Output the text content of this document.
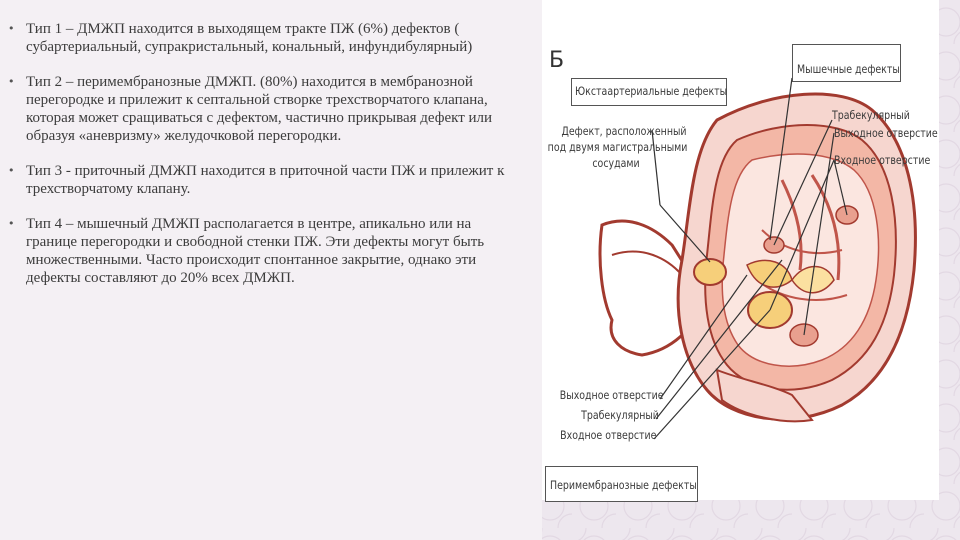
• Тип 1 – ДМЖП находится в выходящем тракте ПЖ (6%) дефектов ( субартериальный, супракристальный, кональный, инфундибулярный)
• Тип 2 – перимембранозные ДМЖП. (80%) находится в мембранозной перегородке и прилежит к септальной створке трехстворчатого клапана, которая может сращиваться с дефектом, частично прикрывая дефект или образуя «аневризму» желудочковой перегородки.
• Тип 3 - приточный ДМЖП находится в приточной части ПЖ и прилежит к трехстворчатому клапану.
• Тип 4 – мышечный ДМЖП располагается в центре, апикально или на границе перегородки и свободной стенки ПЖ. Эти дефекты могут быть множественными. Часто происходит спонтанное закрытие, однако эти дефекты составляют до 20% всех ДМЖП.
Б	Мышечные дефекты
Юкстаартериальные дефекты
Дефект, расположенный
под двумя магистральными
сосудами
Трабекулярный
Выходное отверстие
Входное отверстие
Выходное отверстие
Трабекулярный
Входное отверстие
Перимембранозные дефекты
